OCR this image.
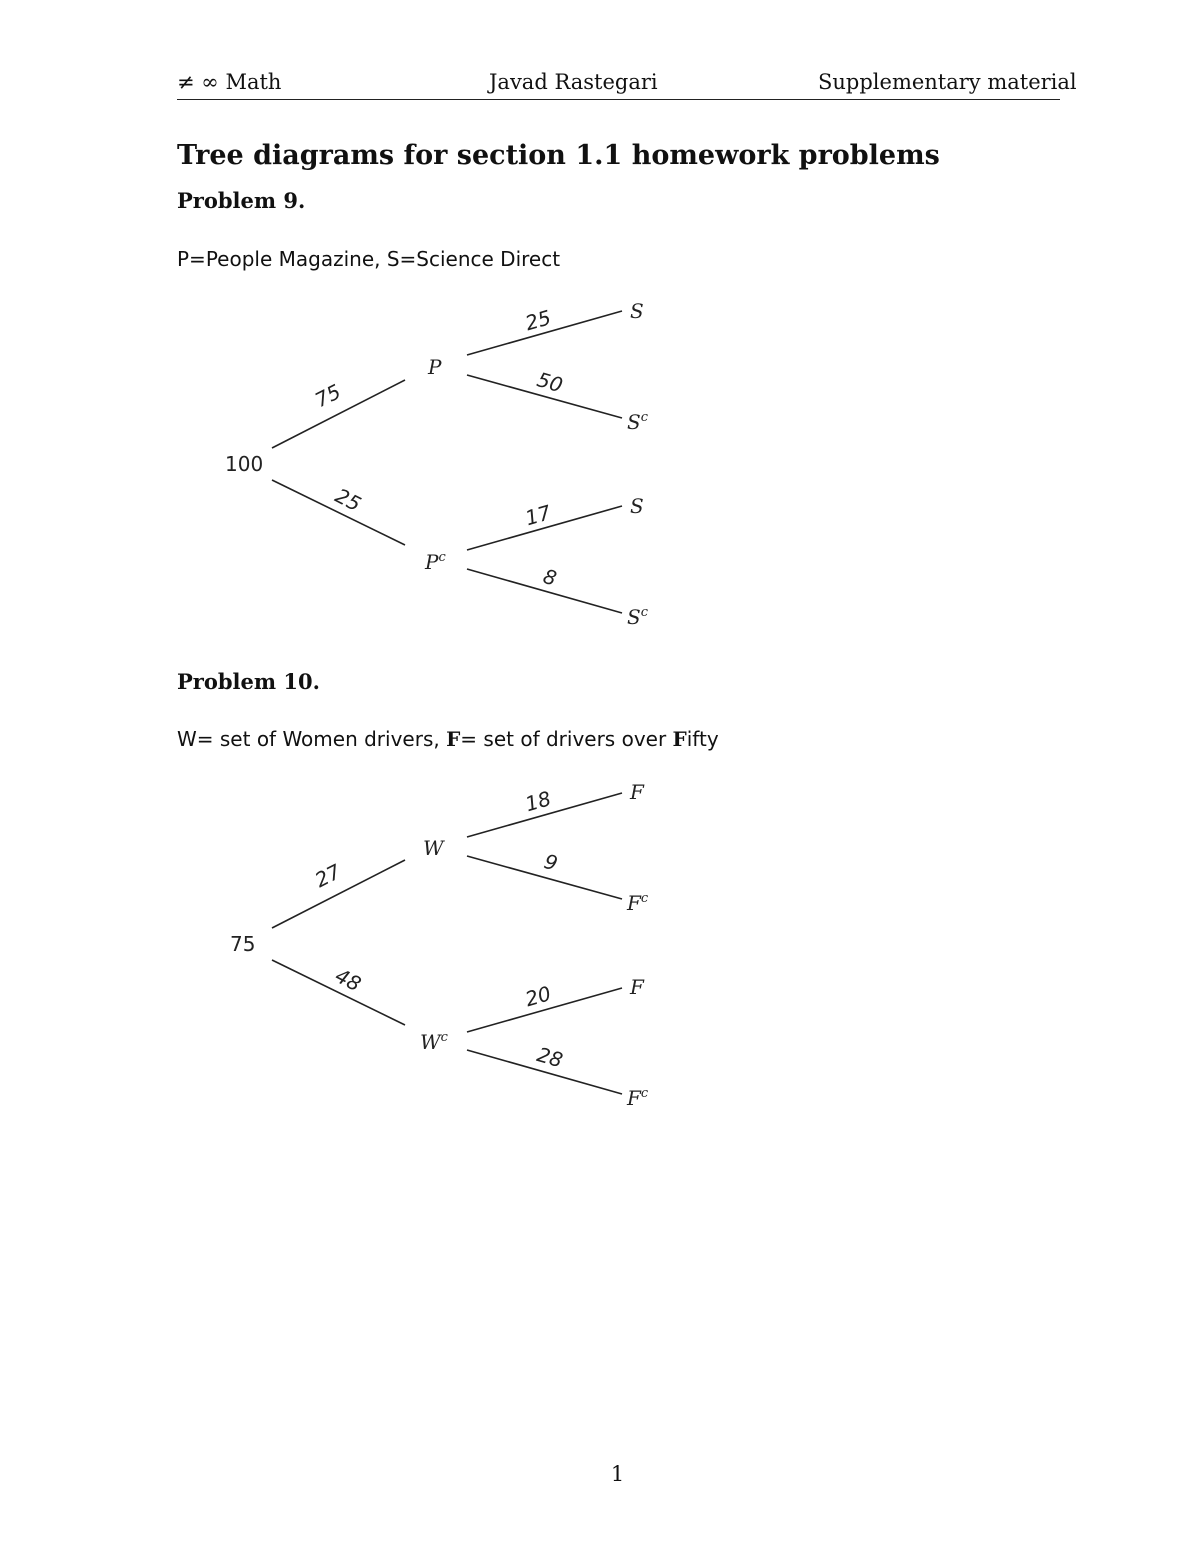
≠ ∞ Math	Javad Rastegari	Supplementary material
Tree diagrams for section 1.1 homework problems
Problem 9.
P=People Magazine, S=Science Direct
100
75
25
P
$P^c$
25
50
17
8
S
$S^c$
S
$S^c$
Problem 10.
W= set of Women drivers, F= set of drivers over Fifty
75
27
48
W
$W^c$
18
9
20
28
F
$F^c$
F
$F^c$
1
